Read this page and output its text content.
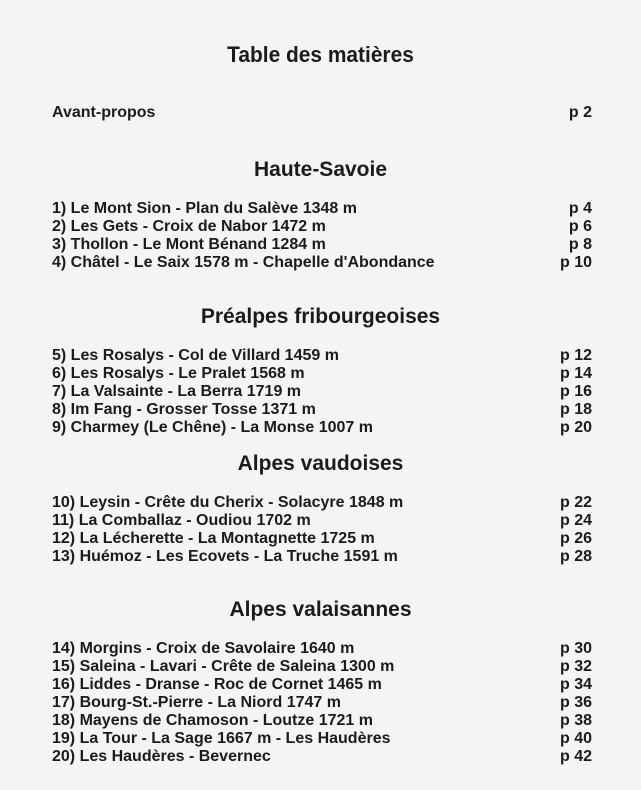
Table des matières
Avant-propos	p 2
Haute-Savoie
1) Le Mont Sion - Plan du Salève 1348 m	p 4
2) Les Gets - Croix de Nabor 1472 m	p 6
3) Thollon - Le Mont Bénand 1284 m	p 8
4) Châtel - Le Saix 1578 m - Chapelle d'Abondance	p 10
Préalpes fribourgeoises
5) Les Rosalys - Col de Villard 1459 m	p 12
6) Les Rosalys - Le Pralet 1568 m	p 14
7) La Valsainte - La Berra 1719 m	p 16
8) Im Fang - Grosser Tosse 1371 m	p 18
9) Charmey (Le Chêne) - La Monse 1007 m	p 20
Alpes vaudoises
10) Leysin - Crête du Cherix - Solacyre 1848 m	p 22
11) La Comballaz - Oudiou 1702 m	p 24
12) La Lécherette - La Montagnette 1725 m	p 26
13) Huémoz - Les Ecovets - La Truche 1591 m	p 28
Alpes valaisannes
14) Morgins - Croix de Savolaire 1640 m	p 30
15) Saleina - Lavari - Crête de Saleina 1300 m	p 32
16) Liddes - Dranse - Roc de Cornet 1465 m	p 34
17) Bourg-St.-Pierre - La Niord 1747 m	p 36
18) Mayens de Chamoson - Loutze 1721 m	p 38
19) La Tour - La Sage 1667 m - Les Haudères	p 40
20) Les Haudères - Bevernec	p 42
